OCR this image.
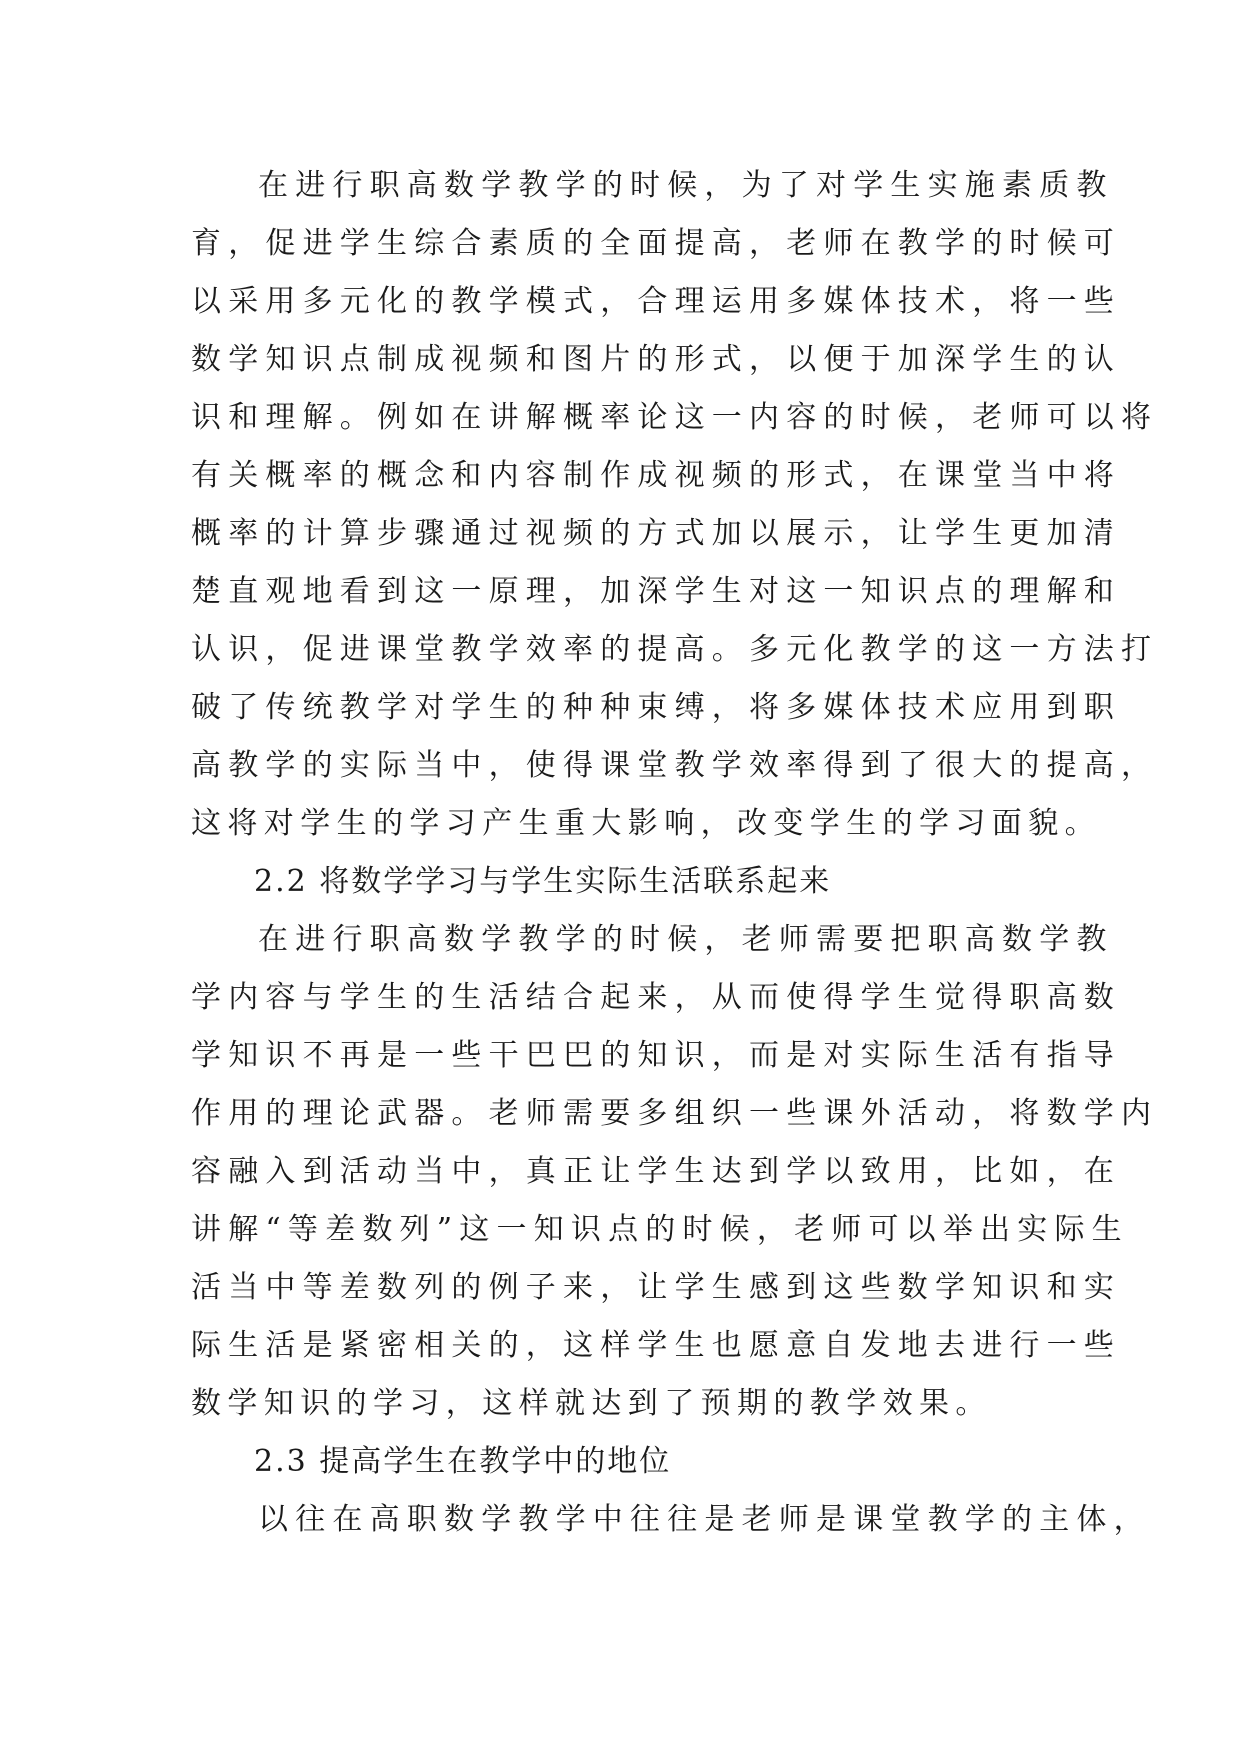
在进行职高数学教学的时候，为了对学生实施素质教
育，促进学生综合素质的全面提高，老师在教学的时候可
以采用多元化的教学模式，合理运用多媒体技术，将一些
数学知识点制成视频和图片的形式，以便于加深学生的认
识和理解。例如在讲解概率论这一内容的时候，老师可以将
有关概率的概念和内容制作成视频的形式，在课堂当中将
概率的计算步骤通过视频的方式加以展示，让学生更加清
楚直观地看到这一原理，加深学生对这一知识点的理解和
认识，促进课堂教学效率的提高。多元化教学的这一方法打
破了传统教学对学生的种种束缚，将多媒体技术应用到职
高教学的实际当中，使得课堂教学效率得到了很大的提高，
这将对学生的学习产生重大影响，改变学生的学习面貌。
2.2 将数学学习与学生实际生活联系起来
在进行职高数学教学的时候，老师需要把职高数学教
学内容与学生的生活结合起来，从而使得学生觉得职高数
学知识不再是一些干巴巴的知识，而是对实际生活有指导
作用的理论武器。老师需要多组织一些课外活动，将数学内
容融入到活动当中，真正让学生达到学以致用，比如，在
讲解“等差数列”这一知识点的时候，老师可以举出实际生
活当中等差数列的例子来，让学生感到这些数学知识和实
际生活是紧密相关的，这样学生也愿意自发地去进行一些
数学知识的学习，这样就达到了预期的教学效果。
2.3 提高学生在教学中的地位
以往在高职数学教学中往往是老师是课堂教学的主体，
